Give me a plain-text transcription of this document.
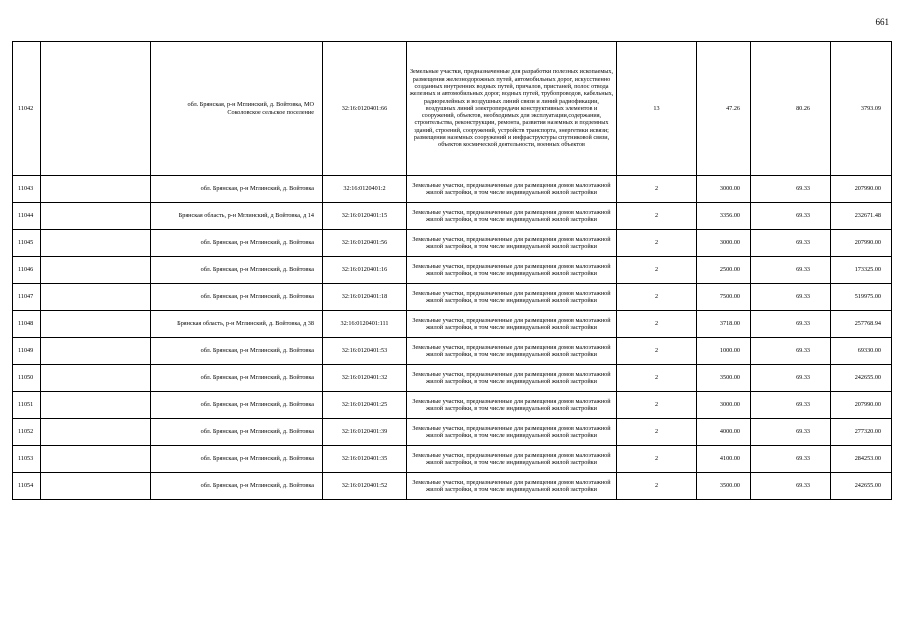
661
11042		обл. Брянская, р-н Мглинский, д. Войтовка, МО Соколовское сельское поселение	32:16:0120401:66	Земельные участки, предназначенные для разработки полезных ископаемых, размещения железнодорожных путей, автомобильных дорог, искусственно созданных внутренних водных путей, причалов, пристаней, полос отвода железных и автомобильных дорог, водных путей, трубопроводов, кабельных, радиорелейных и воздушных линий связи и линий радиофикации, воздушных линий электропередачи конструктивных элементов и сооружений, объектов, необходимых для эксплуатации,содержания, строительства, реконструкции, ремонта, развития наземных и подземных зданий, строений, сооружений, устройств транспорта, энергетики исвязи; размещения наземных сооружений и инфраструктуры спутниковой связи, объектов космической деятельности, военных объектов	13	47.26	80.26	3793.09
11043		обл. Брянская, р-н Мглинский, д. Войтовка	32:16:0120401:2	Земельные участки, предназначенные для размещения домов малоэтажной жилой застройки, в том числе индивидуальной жилой застройки	2	3000.00	69.33	207990.00
11044		Брянская область, р-н Мглинский, д Войтовка, д 14	32:16:0120401:15	Земельные участки, предназначенные для размещения домов малоэтажной жилой застройки, в том числе индивидуальной жилой застройки	2	3356.00	69.33	232671.48
11045		обл. Брянская, р-н Мглинский, д. Войтовка	32:16:0120401:56	Земельные участки, предназначенные для размещения домов малоэтажной жилой застройки, в том числе индивидуальной жилой застройки	2	3000.00	69.33	207990.00
11046		обл. Брянская, р-н Мглинский, д. Войтовка	32:16:0120401:16	Земельные участки, предназначенные для размещения домов малоэтажной жилой застройки, в том числе индивидуальной жилой застройки	2	2500.00	69.33	173325.00
11047		обл. Брянская, р-н Мглинский, д. Войтовка	32:16:0120401:18	Земельные участки, предназначенные для размещения домов малоэтажной жилой застройки, в том числе индивидуальной жилой застройки	2	7500.00	69.33	519975.00
11048		Брянская область, р-н Мглинский, д. Войтовка, д 38	32:16:0120401:111	Земельные участки, предназначенные для размещения домов малоэтажной жилой застройки, в том числе индивидуальной жилой застройки	2	3718.00	69.33	257768.94
11049		обл. Брянская, р-н Мглинский, д. Войтовка	32:16:0120401:53	Земельные участки, предназначенные для размещения домов малоэтажной жилой застройки, в том числе индивидуальной жилой застройки	2	1000.00	69.33	69330.00
11050		обл. Брянская, р-н Мглинский, д. Войтовка	32:16:0120401:32	Земельные участки, предназначенные для размещения домов малоэтажной жилой застройки, в том числе индивидуальной жилой застройки	2	3500.00	69.33	242655.00
11051		обл. Брянская, р-н Мглинский, д. Войтовка	32:16:0120401:25	Земельные участки, предназначенные для размещения домов малоэтажной жилой застройки, в том числе индивидуальной жилой застройки	2	3000.00	69.33	207990.00
11052		обл. Брянская, р-н Мглинский, д. Войтовка	32:16:0120401:39	Земельные участки, предназначенные для размещения домов малоэтажной жилой застройки, в том числе индивидуальной жилой застройки	2	4000.00	69.33	277320.00
11053		обл. Брянская, р-н Мглинский, д. Войтовка	32:16:0120401:35	Земельные участки, предназначенные для размещения домов малоэтажной жилой застройки, в том числе индивидуальной жилой застройки	2	4100.00	69.33	284253.00
11054		обл. Брянская, р-н Мглинский, д. Войтовка	32:16:0120401:52	Земельные участки, предназначенные для размещения домов малоэтажной жилой застройки, в том числе индивидуальной жилой застройки	2	3500.00	69.33	242655.00
